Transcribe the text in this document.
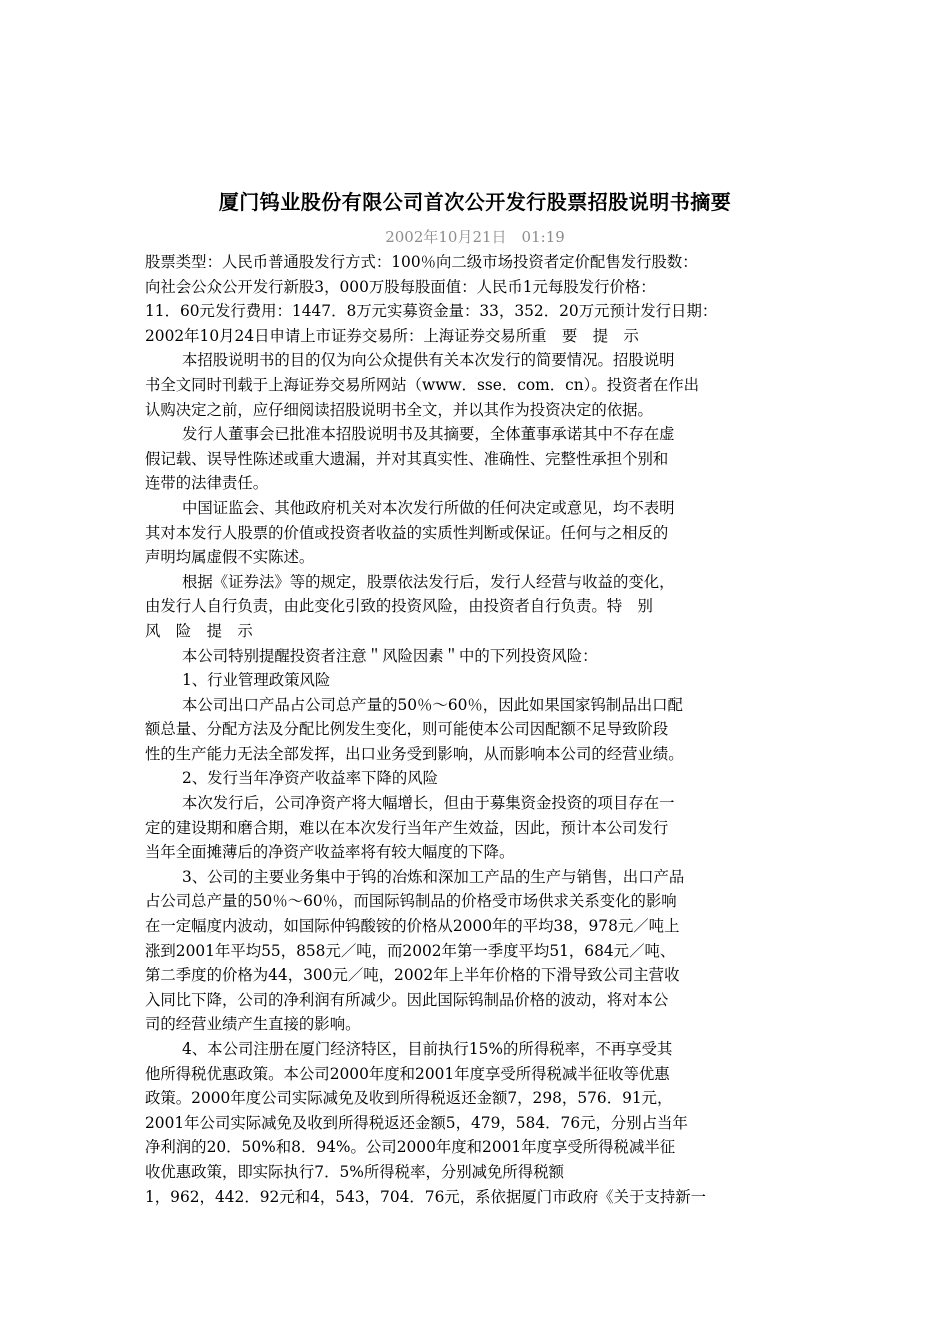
厦门钨业股份有限公司首次公开发行股票招股说明书摘要
2002年10月21日　01:19
股票类型：人民币普通股发行方式：100％向二级市场投资者定价配售发行股数：
向社会公众公开发行新股3，000万股每股面值：人民币1元每股发行价格：
11．60元发行费用：1447．8万元实募资金量：33，352．20万元预计发行日期：
2002年10月24日申请上市证券交易所：上海证券交易所重　要　提　示
本招股说明书的目的仅为向公众提供有关本次发行的简要情况。招股说明
书全文同时刊载于上海证券交易所网站（www．sse．com．cn）。投资者在作出
认购决定之前，应仔细阅读招股说明书全文，并以其作为投资决定的依据。
发行人董事会已批准本招股说明书及其摘要，全体董事承诺其中不存在虚
假记载、误导性陈述或重大遗漏，并对其真实性、准确性、完整性承担个别和
连带的法律责任。
中国证监会、其他政府机关对本次发行所做的任何决定或意见，均不表明
其对本发行人股票的价值或投资者收益的实质性判断或保证。任何与之相反的
声明均属虚假不实陈述。
根据《证券法》等的规定，股票依法发行后，发行人经营与收益的变化，
由发行人自行负责，由此变化引致的投资风险，由投资者自行负责。特　别
风　险　提　示
本公司特别提醒投资者注意＂风险因素＂中的下列投资风险：
1、行业管理政策风险
本公司出口产品占公司总产量的50％～60％，因此如果国家钨制品出口配
额总量、分配方法及分配比例发生变化，则可能使本公司因配额不足导致阶段
性的生产能力无法全部发挥，出口业务受到影响，从而影响本公司的经营业绩。
2、发行当年净资产收益率下降的风险
本次发行后，公司净资产将大幅增长，但由于募集资金投资的项目存在一
定的建设期和磨合期，难以在本次发行当年产生效益，因此，预计本公司发行
当年全面摊薄后的净资产收益率将有较大幅度的下降。
3、公司的主要业务集中于钨的冶炼和深加工产品的生产与销售，出口产品
占公司总产量的50％～60％，而国际钨制品的价格受市场供求关系变化的影响
在一定幅度内波动，如国际仲钨酸铵的价格从2000年的平均38，978元／吨上
涨到2001年平均55，858元／吨，而2002年第一季度平均51，684元／吨、
第二季度的价格为44，300元／吨，2002年上半年价格的下滑导致公司主营收
入同比下降，公司的净利润有所减少。因此国际钨制品价格的波动，将对本公
司的经营业绩产生直接的影响。
4、本公司注册在厦门经济特区，目前执行15%的所得税率，不再享受其
他所得税优惠政策。本公司2000年度和2001年度享受所得税减半征收等优惠
政策。2000年度公司实际减免及收到所得税返还金额7，298，576．91元，
2001年公司实际减免及收到所得税返还金额5，479，584．76元，分别占当年
净利润的20．50%和8．94%。公司2000年度和2001年度享受所得税减半征
收优惠政策，即实际执行7．5%所得税率，分别减免所得税额
1，962，442．92元和4，543，704．76元，系依据厦门市政府《关于支持新一
